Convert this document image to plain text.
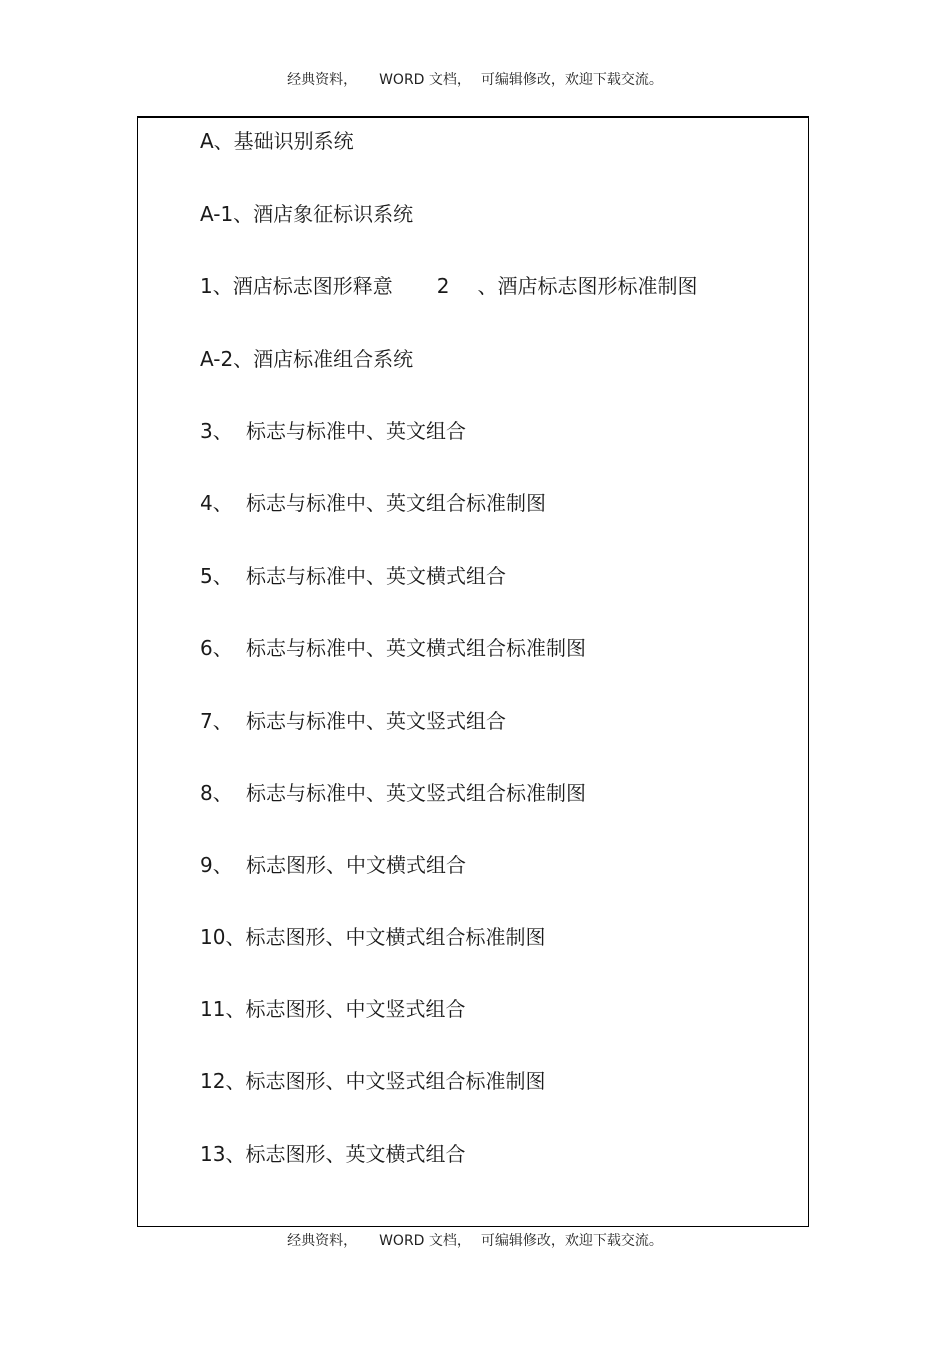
经典资料， WORD 文档， 可编辑修改，欢迎下载交流。
A、基础识别系统
A-1、酒店象征标识系统
1、酒店标志图形释意 2 、酒店标志图形标准制图
A-2、酒店标准组合系统
3、 标志与标准中、英文组合
4、 标志与标准中、英文组合标准制图
5、 标志与标准中、英文横式组合
6、 标志与标准中、英文横式组合标准制图
7、 标志与标准中、英文竖式组合
8、 标志与标准中、英文竖式组合标准制图
9、 标志图形、中文横式组合
10、标志图形、中文横式组合标准制图
11、标志图形、中文竖式组合
12、标志图形、中文竖式组合标准制图
13、标志图形、英文横式组合
经典资料， WORD 文档， 可编辑修改，欢迎下载交流。
